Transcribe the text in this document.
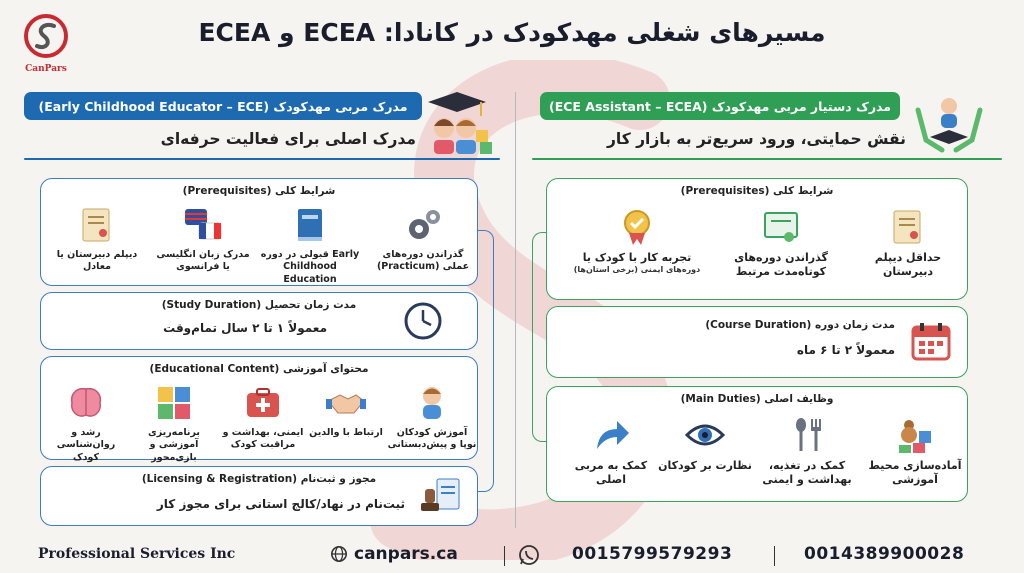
CanPars
مسیرهای شغلی مهدکودک در کانادا: ECEA و ECEA
مدرک مربی مهدکودک (Early Childhood Educator – ECE)
مدرک اصلی برای فعالیت حرفه‌ای
مدرک دستیار مربی مهدکودک (ECE Assistant – ECEA)
نقش حمایتی، ورود سریع‌تر به بازار کار
شرایط کلی (Prerequisites)
گذراندن دوره‌های عملی (Practicum)
Early قبولی در دوره Childhood Education
مدرک زبان انگلیسی یا فرانسوی
دیپلم دبیرستان یا معادل
مدت زمان تحصیل (Study Duration)
معمولاً ۱ تا ۲ سال تمام‌وقت
محتوای آموزشی (Educational Content)
آموزش کودکان نوپا و پیش‌دبستانی
ارتباط با والدین
ایمنی، بهداشت و مراقبت کودک
برنامه‌ریزی آموزشی و بازی‌محور
رشد و روان‌شناسی کودک
مجوز و ثبت‌نام (Licensing & Registration)
ثبت‌نام در نهاد/کالج استانی برای مجوز کار
شرایط کلی (Prerequisites)
حداقل دیپلم دبیرستان
گذراندن دوره‌های کوتاه‌مدت مرتبط
تجربه کار با کودک یا
دوره‌های ایمنی (برخی استان‌ها)
مدت زمان دوره (Course Duration)
معمولاً ۲ تا ۶ ماه
وظایف اصلی (Main Duties)
آماده‌سازی محیط آموزشی
کمک در تغذیه، بهداشت و ایمنی
نظارت بر کودکان
کمک به مربی اصلی
Professional Services Inc	canpars.ca	0015799579293	0014389900028
